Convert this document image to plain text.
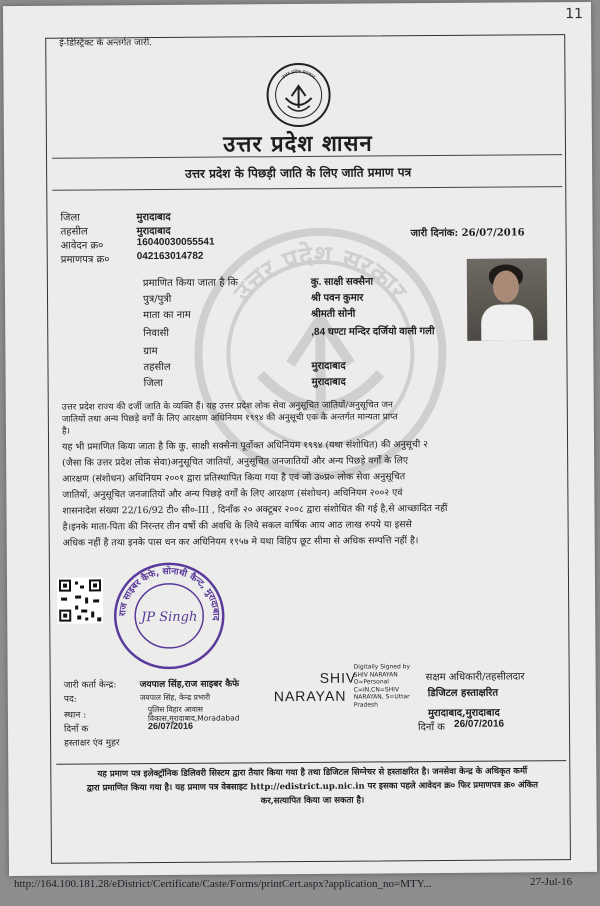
ई-डिस्ट्रिक्ट के अन्तर्गत जारी.
11
उत्तर प्रदेश सरकार
उत्तर प्रदेश शासन
उत्तर प्रदेश के पिछड़ी जाति के लिए जाति प्रमाण पत्र
उत्तर प्रदेश सरकार
जिला	मुरादाबाद
तहसील	मुरादाबाद
आवेदन क्र०	16040030055541
प्रमाणपत्र क्र०	042163014782
जारी दिनांक: 26/07/2016
प्रमाणित किया जाता है कि	कु. साक्षी सक्सैना
पुत्र/पुत्री	श्री पवन कुमार
माता का नाम	श्रीमती सोनी
निवासी	,84 घण्टा मन्दिर दर्जियो वाली गली
ग्राम
तहसील	मुरादाबाद
जिला	मुरादाबाद
उत्तर प्रदेश राज्य की दर्जी जाति के व्यक्ति हैं। यह उत्तर प्रदेश लोक सेवा अनुसूचित जातियों/अनुसूचित जन
जातियों तथा अन्य पिछड़े वर्गों के लिए आरक्षण अधिनियम १९९४ की अनुसूची एक के अन्तर्गत मान्यता प्राप्त
है।
यह भी प्रमाणित किया जाता है कि कु. साक्षी सक्सैना पूर्वोक्त अधिनियम १९९४ (यथा संशोधित) की अनुसूची २
(जैसा कि उत्तर प्रदेश लोक सेवा)अनुसूचित जातियों, अनुसूचित जनजातियों और अन्य पिछड़े वर्गों के लिए
आरक्षण (संशोधन) अधिनियम २००१ द्वारा प्रतिस्थापित किया गया है एवं जो उ०प्र० लोक सेवा अनुसूचित
जातियों, अनुसूचित जनजातियों और अन्य पिछड़े वर्गों के लिए आरक्षण (संशोधन) अधिनियम २००२ एवं
शासनादेश संख्या 22/16/92 टी० सी०-III , दिनाँक २० अक्टूबर २००८ द्वारा संशोधित की गई है,से आच्छादित नहीं
है।इनके माता-पिता की निरन्तर तीन वर्षो की अवधि के लिये सकल वार्षिक आय आठ लाख रुपये या इससे
अधिक नहीं है तथा इनके पास धन कर अधिनियम १९५७ मे यथा विहिप छूट सीमा से अधिक सम्पत्ति नहीं है।
राज साइबर कैफे, सोनाथी कैन्ट, मुरादाबाद
JP Singh
जारी कर्ता केन्द्र:	जयपाल सिंह,राज साइबर कैफे
पद:	जयपाल सिंह, केन्द्र प्रभारी
स्थान :
पुलिस विहार आवास
विकास,मुरादाबाद,Moradabad
दिनाँ क	26/07/2016
हस्ताक्षर एंव मुहर
SHIV
NARAYAN
Digitally Signed by
SHIV NARAYAN
O=Personal
C=IN,CN=SHIV
NARAYAN, S=Uttar
Pradesh
सक्षम अधिकारी/तहसीलदार
डिजिटल हस्ताक्षरित
मुरादाबाद,मुरादाबाद
दिनाँ क 26/07/2016
यह प्रमाण पत्र इलेक्ट्रॉनिक डिलिवरी सिस्टम द्वारा तैयार किया गया है तथा डिजिटल सिग्नेचर से हस्ताक्षरित है। जनसेवा केन्द्र के अधिकृत कर्मी
द्वारा प्रमाणित किया गया है। यह प्रमाण पत्र वेबसाइट http://edistrict.up.nic.in पर इसका पहले आवेदन क्र० फिर प्रमाणपत्र क्र० अंकित
कर,सत्यापित किया जा सकता है।
http://164.100.181.28/eDistrict/Certificate/Caste/Forms/printCert.aspx?application_no=MTY...	27-Jul-16
